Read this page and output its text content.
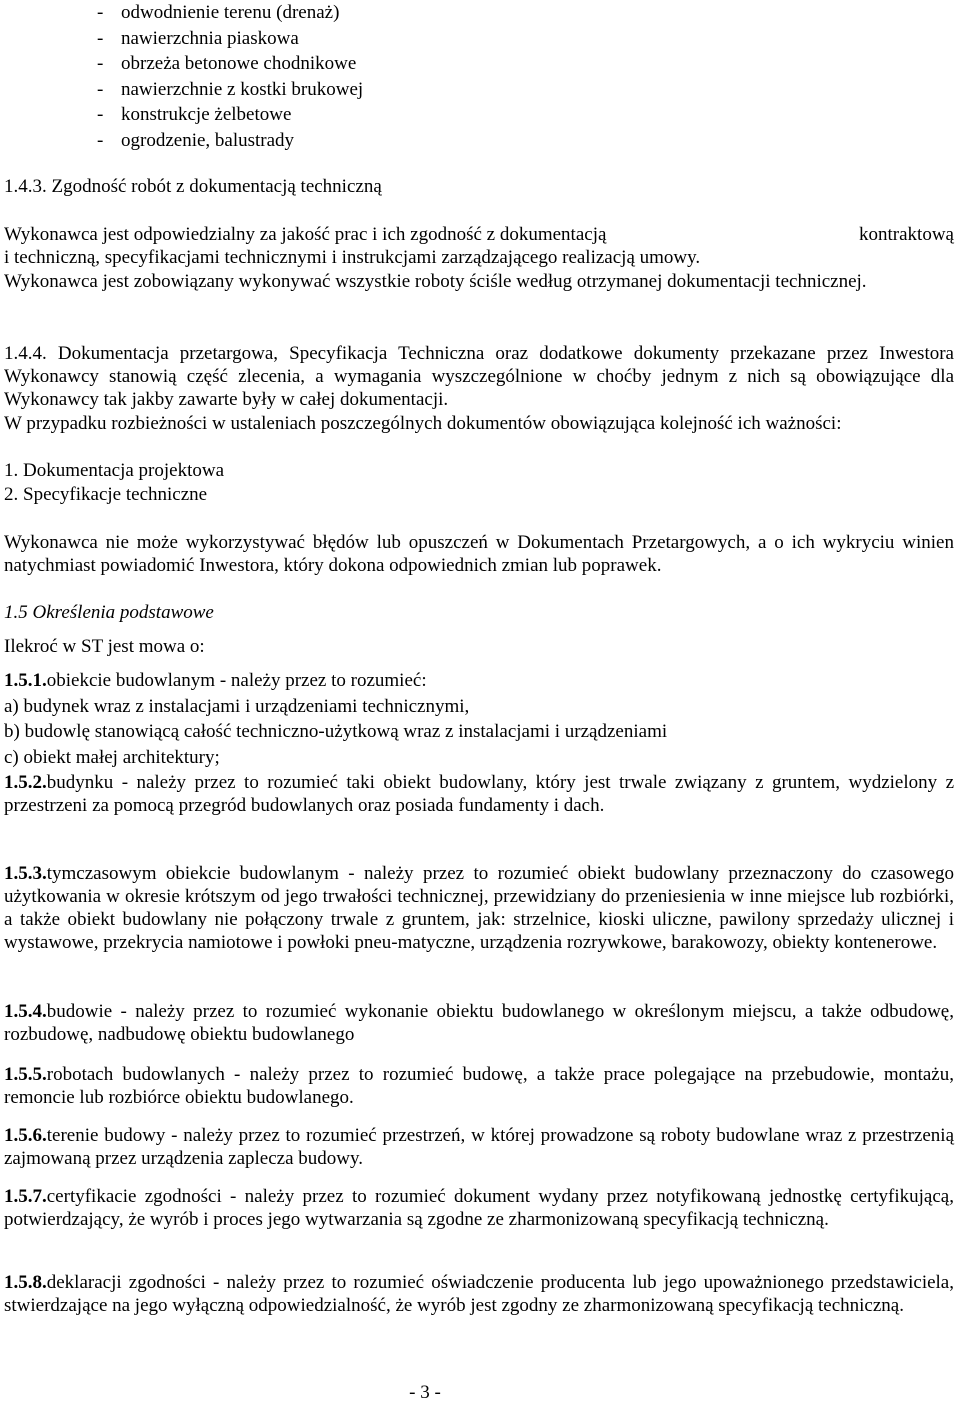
- odwodnienie terenu (drenaż)
- nawierzchnia piaskowa
- obrzeża betonowe chodnikowe
- nawierzchnie z kostki brukowej
- konstrukcje żelbetowe
- ogrodzenie, balustrady

1.4.3. Zgodność robót z dokumentacją techniczną

Wykonawca jest odpowiedzialny za jakość prac i ich zgodność z dokumentacją	kontraktową
i techniczną, specyfikacjami technicznymi i instrukcjami zarządzającego realizacją umowy.

Wykonawca jest zobowiązany wykonywać wszystkie roboty ściśle według otrzymanej dokumentacji technicznej.

1.4.4. Dokumentacja przetargowa, Specyfikacja Techniczna oraz dodatkowe dokumenty przekazane przez Inwestora Wykonawcy stanowią część zlecenia, a wymagania wyszczególnione w choćby jednym z nich są obowiązujące dla Wykonawcy tak jakby zawarte były w całej dokumentacji.

W przypadku rozbieżności w ustaleniach poszczególnych dokumentów obowiązująca kolejność ich ważności:

1. Dokumentacja projektowa

2. Specyfikacje techniczne

Wykonawca nie może wykorzystywać błędów lub opuszczeń w Dokumentach Przetargowych, a o ich wykryciu winien natychmiast powiadomić Inwestora, który dokona odpowiednich zmian lub poprawek.

1.5 Określenia podstawowe

Ilekroć w ST jest mowa o:

1.5.1.obiekcie budowlanym - należy przez to rozumieć:

a) budynek wraz z instalacjami i urządzeniami technicznymi,

b) budowlę stanowiącą całość techniczno-użytkową wraz z instalacjami i urządzeniami

c) obiekt małej architektury;

1.5.2.budynku - należy przez to rozumieć taki obiekt budowlany, który jest trwale związany z gruntem, wydzielony z przestrzeni za pomocą przegród budowlanych oraz posiada fundamenty i dach.

1.5.3.tymczasowym obiekcie budowlanym - należy przez to rozumieć obiekt budowlany przeznaczony do czasowego użytkowania w okresie krótszym od jego trwałości technicznej, przewidziany do przeniesienia w inne miejsce lub rozbiórki, a także obiekt budowlany nie połączony trwale z gruntem, jak: strzelnice, kioski uliczne, pawilony sprzedaży ulicznej i wystawowe, przekrycia namiotowe i powłoki pneu-matyczne, urządzenia rozrywkowe, barakowozy, obiekty kontenerowe.

1.5.4.budowie - należy przez to rozumieć wykonanie obiektu budowlanego w określonym miejscu, a także odbudowę, rozbudowę, nadbudowę obiektu budowlanego

1.5.5.robotach budowlanych - należy przez to rozumieć budowę, a także prace polegające na przebudowie, montażu, remoncie lub rozbiórce obiektu budowlanego.

1.5.6.terenie budowy - należy przez to rozumieć przestrzeń, w której prowadzone są roboty budowlane wraz z przestrzenią zajmowaną przez urządzenia zaplecza budowy.

1.5.7.certyfikacie zgodności - należy przez to rozumieć dokument wydany przez notyfikowaną jednostkę certyfikującą, potwierdzający, że wyrób i proces jego wytwarzania są zgodne ze zharmonizowaną specyfikacją techniczną.

1.5.8.deklaracji zgodności - należy przez to rozumieć oświadczenie producenta lub jego upoważnionego przedstawiciela, stwierdzające na jego wyłączną odpowiedzialność, że wyrób jest zgodny ze zharmonizowaną specyfikacją techniczną.

- 3 -
